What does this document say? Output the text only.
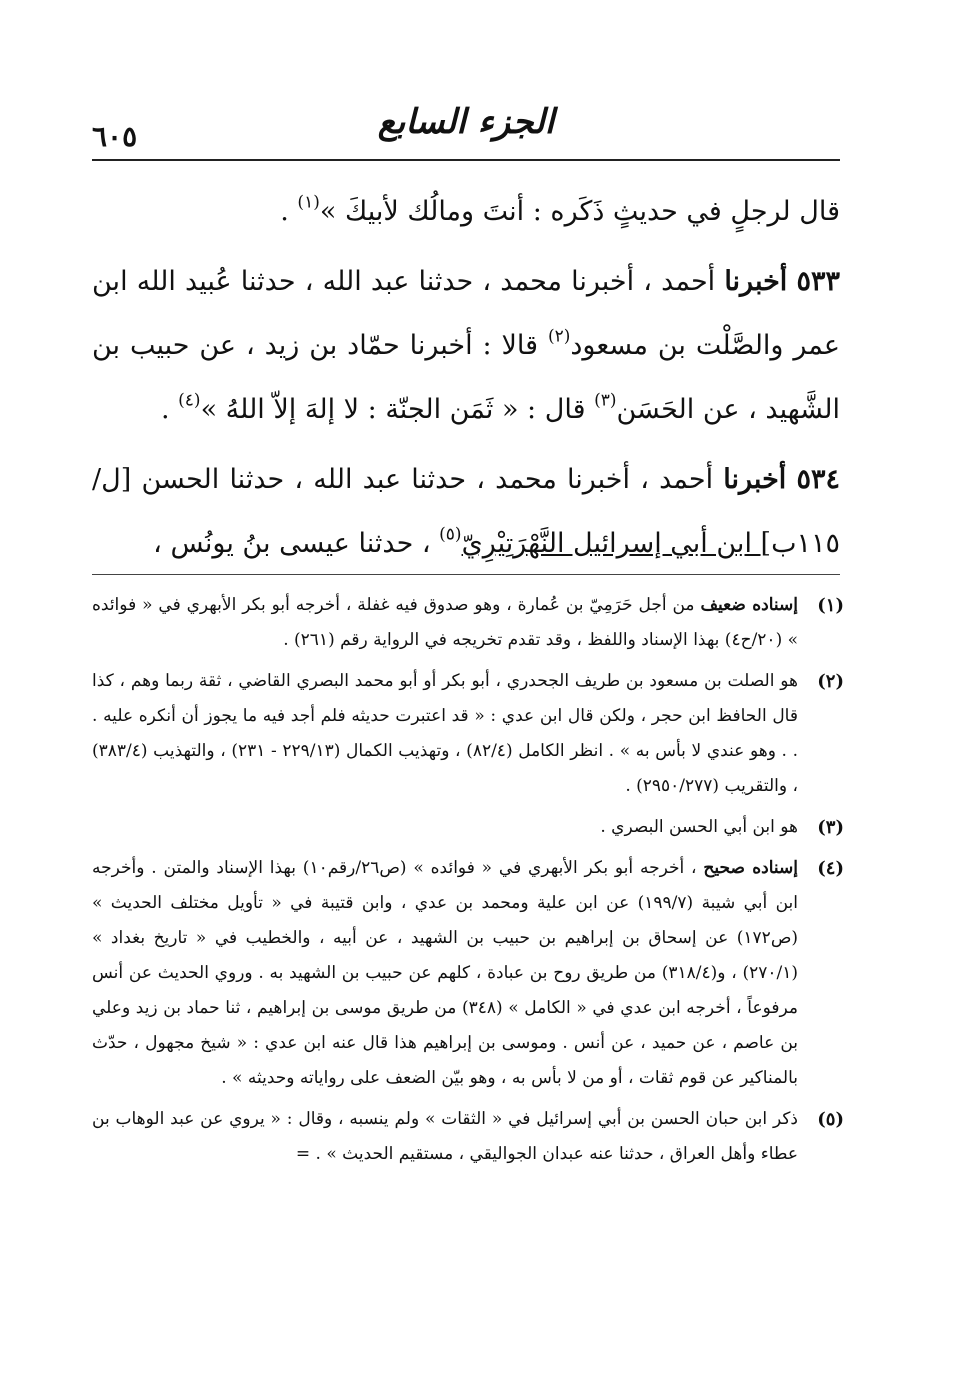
٦٠٥	الجزء السابع

قال لرجلٍ في حديثٍ ذَكَره : أنتَ ومالُك لأبيكَ »$^{(١)}$ .

٥٣٣ أخبرنا أحمد ، أخبرنا محمد ، حدثنا عبد الله ، حدثنا عُبيد الله ابن عمر والصَّلْت بن مسعود$^{(٢)}$ قالا : أخبرنا حمّاد بن زيد ، عن حبيب بن الشَّهيد ، عن الحَسَن$^{(٣)}$ قال : « ثَمَن الجنّة : لا إلهَ إلاّ اللهُ »$^{(٤)}$ .

٥٣٤ أخبرنا أحمد ، أخبرنا محمد ، حدثنا عبد الله ، حدثنا الحسن [ل/١١٥ب] ابن أبي إسرائيل النَّهْرَتِيْرِيّ$^{(٥)}$ ، حدثنا عيسى بنُ يونُس ،

(١)
إسناده ضعيف من أجل حَرَمِيّ بن عُمارة ، وهو صدوق فيه غفلة ، أخرجه أبو بكر الأبهري في « فوائده » (٢٠/ح٤) بهذا الإسناد واللفظ ، وقد تقدم تخريجه في الرواية رقم (٢٦١) .
(٢)
هو الصلت بن مسعود بن طريف الجحدري ، أبو بكر أو أبو محمد البصري القاضي ، ثقة ربما وهم ، كذا قال الحافظ ابن حجر ، ولكن قال ابن عدي : « قد اعتبرت حديثه فلم أجد فيه ما يجوز أن أنكره عليه . . . وهو عندي لا بأس به » . انظر الكامل (٨٢/٤) ، وتهذيب الكمال (٢٢٩/١٣ - ٢٣١) ، والتهذيب (٣٨٣/٤) ، والتقريب (٢٩٥٠/٢٧٧) .
(٣)
هو ابن أبي الحسن البصري .
(٤)
إسناده صحيح ، أخرجه أبو بكر الأبهري في « فوائده » (ص٢٦/رقم١٠) بهذا الإسناد والمتن . وأخرجه ابن أبي شيبة (١٩٩/٧) عن ابن علية ومحمد بن عدي ، وابن قتيبة في « تأويل مختلف الحديث » (ص١٧٢) عن إسحاق بن إبراهيم بن حبيب بن الشهيد ، عن أبيه ، والخطيب في « تاريخ بغداد » (٢٧٠/١) ، و(٣١٨/٤) من طريق روح بن عبادة ، كلهم عن حبيب بن الشهيد به . وروي الحديث عن أنس مرفوعاً ، أخرجه ابن عدي في « الكامل » (٣٤٨) من طريق موسى بن إبراهيم ، ثنا حماد بن زيد وعلي بن عاصم ، عن حميد ، عن أنس . وموسى بن إبراهيم هذا قال عنه ابن عدي : « شيخ مجهول ، حدّث بالمناكير عن قوم ثقات ، أو من لا بأس به ، وهو بيّن الضعف على رواياته وحديثه » .
(٥)
ذكر ابن حبان الحسن بن أبي إسرائيل في « الثقات » ولم ينسبه ، وقال : « يروي عن عبد الوهاب بن عطاء وأهل العراق ، حدثنا عنه عبدان الجواليقي ، مستقيم الحديث » . =
